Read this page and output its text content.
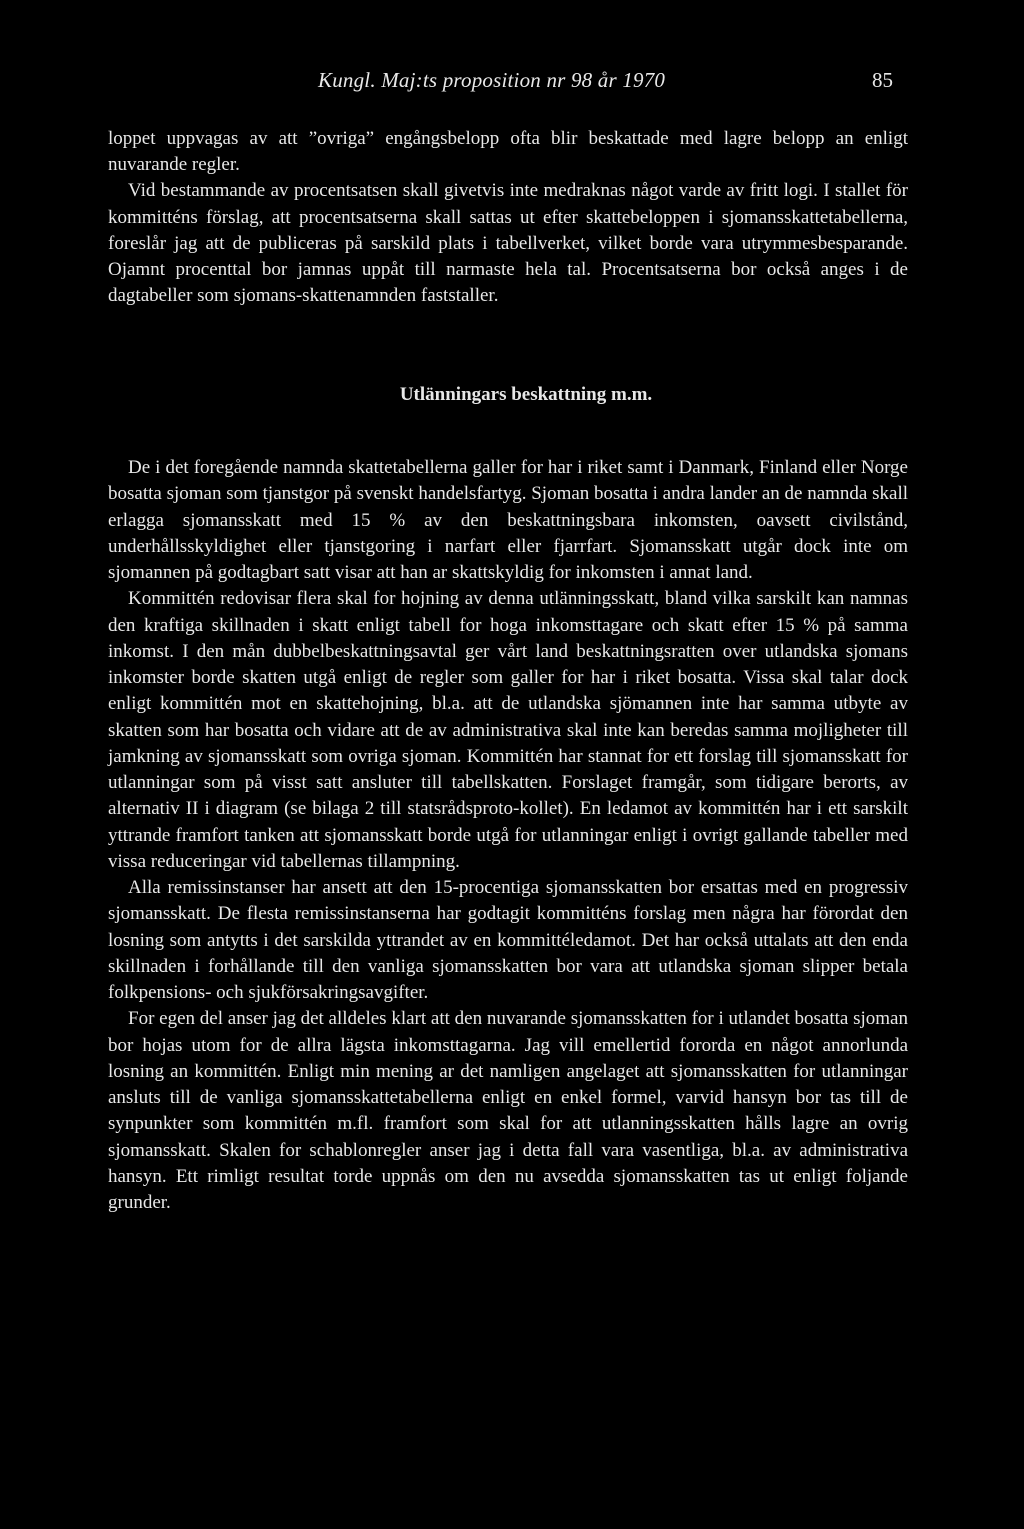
Kungl. Maj:ts proposition nr 98 år 1970	85

loppet uppvagas av att ”ovriga” engångsbelopp ofta blir beskattade med lagre belopp an enligt nuvarande regler.

Vid bestammande av procentsatsen skall givetvis inte medraknas något varde av fritt logi. I stallet för kommitténs förslag, att procentsatserna skall sattas ut efter skattebeloppen i sjomansskattetabellerna, foreslår jag att de publiceras på sarskild plats i tabellverket, vilket borde vara utrymmesbesparande. Ojamnt procenttal bor jamnas uppåt till narmaste hela tal. Procentsatserna bor också anges i de dagtabeller som sjomans-skattenamnden faststaller.

Utlänningars beskattning m.m.

De i det foregående namnda skattetabellerna galler for har i riket samt i Danmark, Finland eller Norge bosatta sjoman som tjanstgor på svenskt handelsfartyg. Sjoman bosatta i andra lander an de namnda skall erlagga sjomansskatt med 15 % av den beskattningsbara inkomsten, oavsett civilstånd, underhållsskyldighet eller tjanstgoring i narfart eller fjarrfart. Sjomansskatt utgår dock inte om sjomannen på godtagbart satt visar att han ar skattskyldig for inkomsten i annat land.

Kommittén redovisar flera skal for hojning av denna utlänningsskatt, bland vilka sarskilt kan namnas den kraftiga skillnaden i skatt enligt tabell for hoga inkomsttagare och skatt efter 15 % på samma inkomst. I den mån dubbelbeskattningsavtal ger vårt land beskattningsratten over utlandska sjomans inkomster borde skatten utgå enligt de regler som galler for har i riket bosatta. Vissa skal talar dock enligt kommittén mot en skattehojning, bl.a. att de utlandska sjömannen inte har samma utbyte av skatten som har bosatta och vidare att de av administrativa skal inte kan beredas samma mojligheter till jamkning av sjomansskatt som ovriga sjoman. Kommittén har stannat for ett forslag till sjomansskatt for utlanningar som på visst satt ansluter till tabellskatten. Forslaget framgår, som tidigare berorts, av alternativ II i diagram (se bilaga 2 till statsrådsproto-kollet). En ledamot av kommittén har i ett sarskilt yttrande framfort tanken att sjomansskatt borde utgå for utlanningar enligt i ovrigt gallande tabeller med vissa reduceringar vid tabellernas tillampning.

Alla remissinstanser har ansett att den 15-procentiga sjomansskatten bor ersattas med en progressiv sjomansskatt. De flesta remissinstanserna har godtagit kommitténs forslag men några har förordat den losning som antytts i det sarskilda yttrandet av en kommittéledamot. Det har också uttalats att den enda skillnaden i forhållande till den vanliga sjomansskatten bor vara att utlandska sjoman slipper betala folkpensions- och sjukförsakringsavgifter.

For egen del anser jag det alldeles klart att den nuvarande sjomansskatten for i utlandet bosatta sjoman bor hojas utom for de allra lägsta inkomsttagarna. Jag vill emellertid fororda en något annorlunda losning an kommittén. Enligt min mening ar det namligen angelaget att sjomansskatten for utlanningar ansluts till de vanliga sjomansskattetabellerna enligt en enkel formel, varvid hansyn bor tas till de synpunkter som kommittén m.fl. framfort som skal for att utlanningsskatten hålls lagre an ovrig sjomansskatt. Skalen for schablonregler anser jag i detta fall vara vasentliga, bl.a. av administrativa hansyn. Ett rimligt resultat torde uppnås om den nu avsedda sjomansskatten tas ut enligt foljande grunder.
